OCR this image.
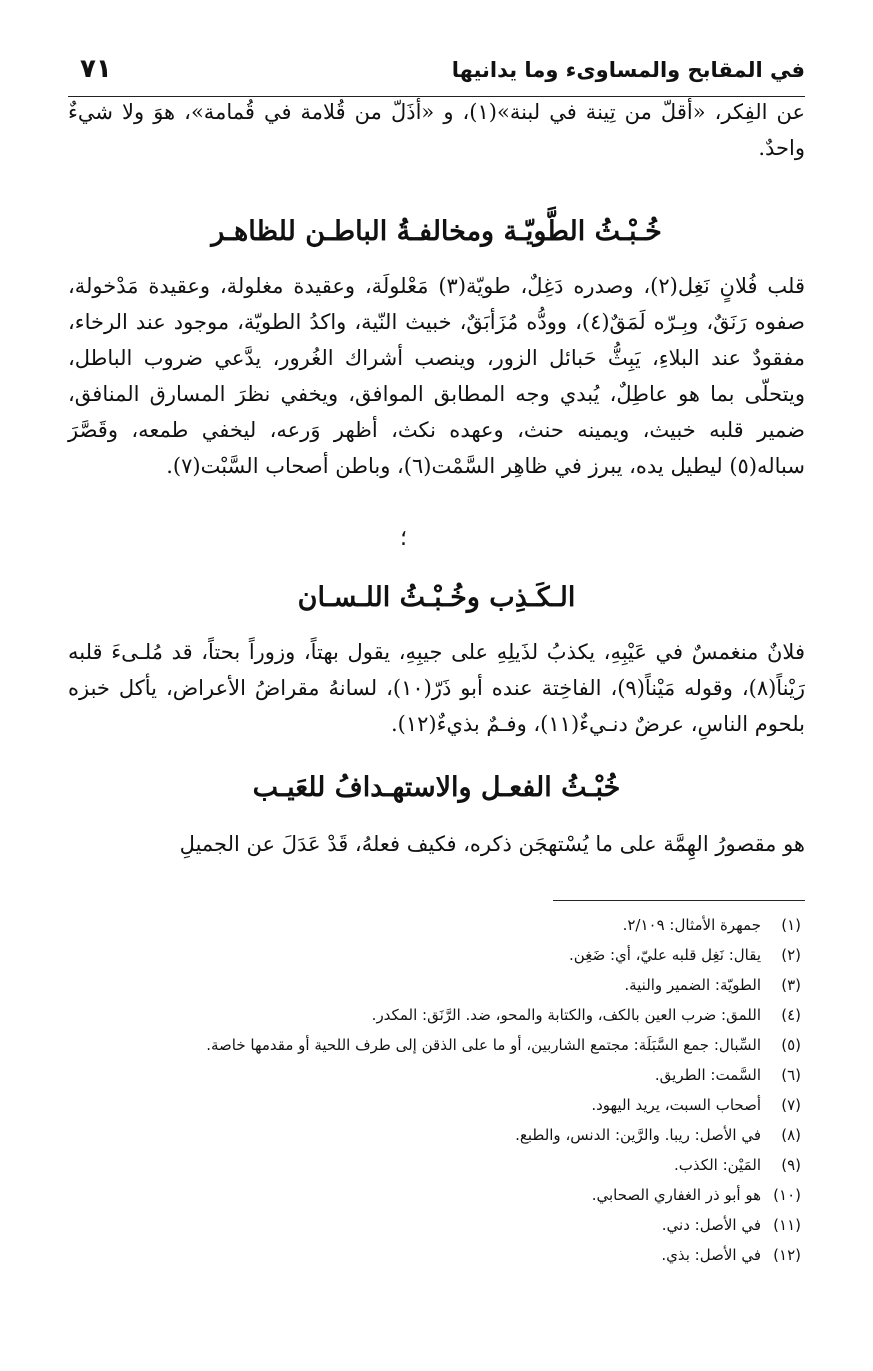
في المقابح والمساوىء وما يدانيها
٧١

عن الفِكر، «أقلّ من تِينة في لبنة»(١)، و «أذَلّ من قُلامة في قُمامة»، هوَ ولا شيءٌ واحدٌ.

خُـبْـثُ الطَّويّـة ومخالفـةُ الباطـن للظاهـر

قلب فُلانٍ نَغِل(٢)، وصدره دَغِلٌ، طويّة(٣) مَعْلولَة، وعقيدة مغلولة، وعقيدة مَدْخولة، صفوه رَنَقٌ، وبِـرّه لَمَقٌ(٤)، وودُّه مُزَأبَقٌ، خبيث النّية، واكدُ الطويّة، موجود عند الرخاء، مفقودٌ عند البلاءِ، يَبِثُّ حَبائل الزور، وينصب أشراك الغُرور، يدَّعي ضروب الباطل، ويتحلّى بما هو عاطِلٌ، يُبدي وجه المطابق الموافق، ويخفي نظرَ المسارق المنافق، ضمير قلبه خبيث، ويمينه حنث، وعهده نكث، أظهر وَرعه، ليخفي طمعه، وقَصَّرَ سباله(٥) ليطيل يده، يبرز في ظاهِر السَّمْت(٦)، وباطن أصحاب السَّبْت(٧).

؛
الـكَـذِب وخُـبْـثُ اللـسـان

فلانٌ منغمسٌ في عَيْبِهِ، يكذبُ لذَيلِهِ على جيبِهِ، يقول بهتاً، وزوراً بحتاً، قد مُلـىءَ قلبه رَيْناً(٨)، وقوله مَيْناً(٩)، الفاخِتة عنده أبو ذَرّ(١٠)، لسانهُ مقراضُ الأعراض، يأكل خبزه بلحوم الناسِ، عرضٌ دنـيءٌ(١١)، وفـمٌ بذيءٌ(١٢).

خُبْـثُ الفعـل والاستهـدافُ للعَيـب

هو مقصورُ الهِمَّة على ما يُسْتهجَن ذكره، فكيف فعلهُ، قَدْ عَدَلَ عن الجميلِ

(١)جمهرة الأمثال: ٢/١٠٩.
(٢)يقال: نَغِل قلبه عليّ، أي: ضَغِن.
(٣)الطويّة: الضمير والنية.
(٤)اللمق: ضرب العين بالكف، والكتابة والمحو، ضد. الرَّنَق: المكدر.
(٥)السِّبال: جمع السَّبَلَة: مجتمع الشاربين، أو ما على الذقن إلى طرف اللحية أو مقدمها خاصة.
(٦)السَّمت: الطريق.
(٧)أصحاب السبت، يريد اليهود.
(٨)في الأصل: ريبا. والرَّين: الدنس، والطبع.
(٩)المَيْن: الكذب.
(١٠)هو أبو ذر الغفاري الصحابي.
(١١)في الأصل: دني.
(١٢)في الأصل: بذي.
